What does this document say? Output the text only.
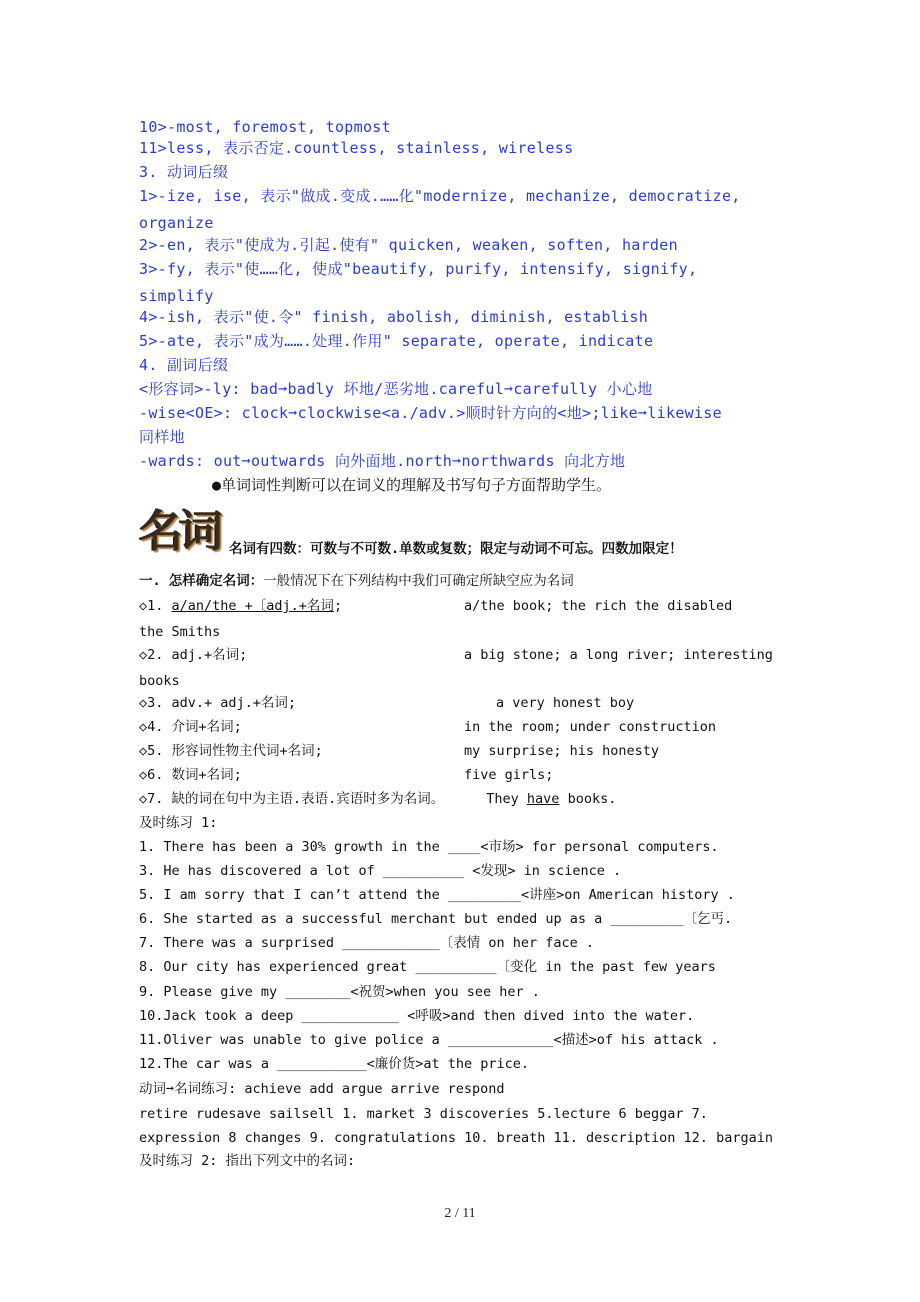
10>-most, foremost, topmost
11>less, 表示否定.countless, stainless, wireless
3. 动词后缀
1>-ize, ise, 表示"做成.变成.……化"modernize, mechanize, democratize,
organize
2>-en, 表示"使成为.引起.使有" quicken, weaken, soften, harden
3>-fy, 表示"使……化, 使成"beautify, purify, intensify, signify,
simplify
4>-ish, 表示"使.令" finish, abolish, diminish, establish
5>-ate, 表示"成为…….处理.作用" separate, operate, indicate
4. 副词后缀
<形容词>-ly: bad➞badly 坏地/恶劣地.careful➞carefully 小心地
-wise<OE>: clock➞clockwise<a./adv.>顺时针方向的<地>;like➞likewise
同样地
-wards: out➞outwards 向外面地.north➞northwards 向北方地
●单词词性判断可以在词义的理解及书写句子方面帮助学生。
名词 名词有四数：可数与不可数.单数或复数；限定与动词不可忘。四数加限定！
一. 怎样确定名词：一般情况下在下列结构中我们可确定所缺空应为名词
◇1. a/an/the +〔adj.+名词;	a/the book; the rich the disabled
the Smiths
◇2. adj.+名词;	a big stone; a long river; interesting
books
◇3. adv.+ adj.+名词;	a very honest boy
◇4. 介词+名词;	in the room; under construction
◇5. 形容词性物主代词+名词;	my surprise; his honesty
◇6. 数词+名词;	five girls;
◇7. 缺的词在句中为主语.表语.宾语时多为名词。	They have books.
及时练习 1:
1. There has been a 30% growth in the ____<市场> for personal computers.
3. He has discovered a lot of __________ <发现> in science .
5. I am sorry that I can’t attend the _________<讲座>on American history .
6. She started as a successful merchant but ended up as a _________〔乞丐.
7. There was a surprised ____________〔表情 on her face .
8. Our city has experienced great __________〔变化 in the past few years
9. Please give my ________<祝贺>when you see her .
10.Jack took a deep ____________ <呼吸>and then dived into the water.
11.Oliver was unable to give police a _____________<描述>of his attack .
12.The car was a ___________<廉价货>at the price.
动词➞名词练习: achieve add argue arrive respond
retire rudesave sailsell 1. market 3 discoveries 5.lecture 6 beggar 7.
expression 8 changes 9. congratulations 10. breath 11. description 12. bargain
及时练习 2: 指出下列文中的名词:
2 / 11
